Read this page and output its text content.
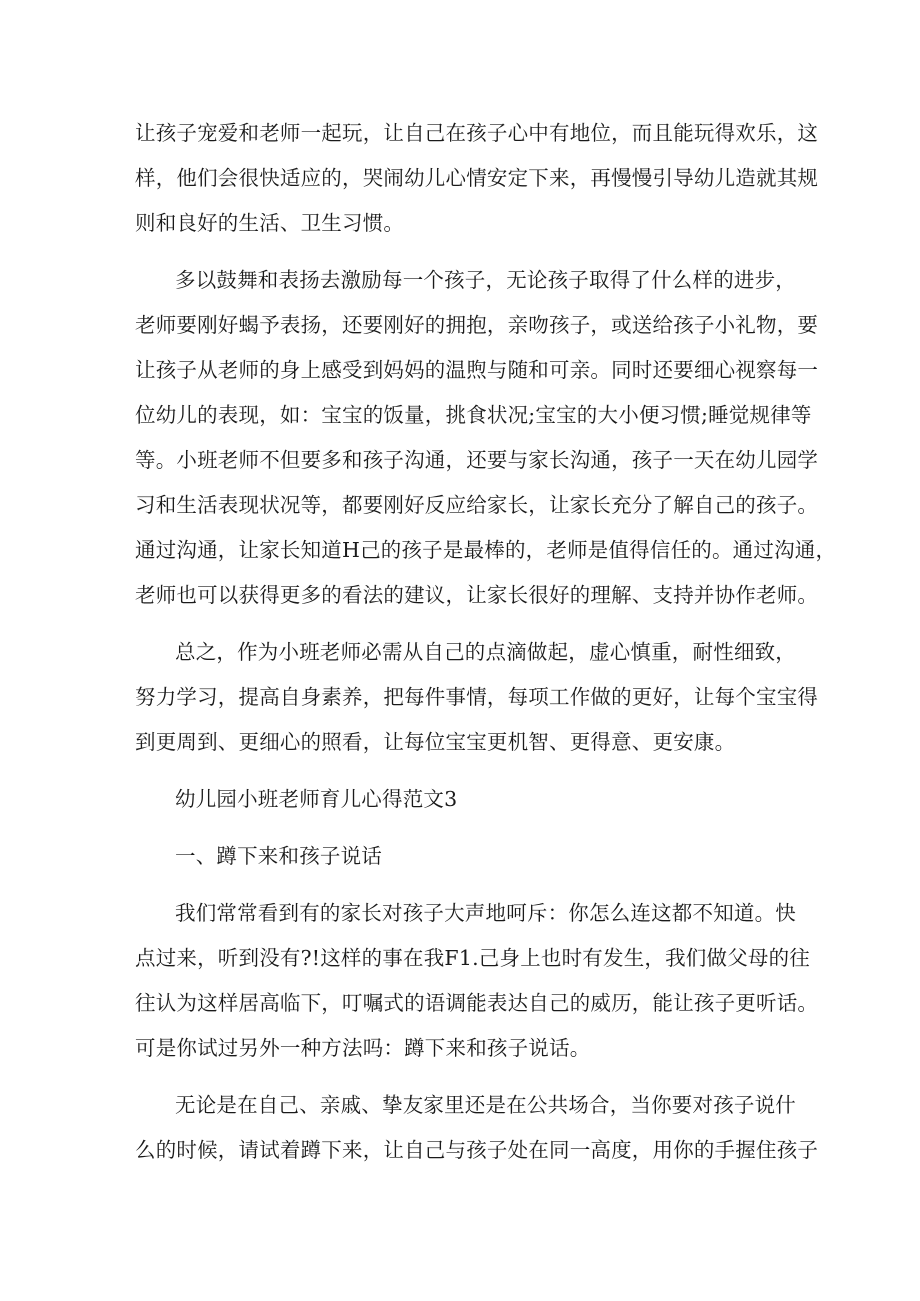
让孩子宠爱和老师一起玩，让自己在孩子心中有地位，而且能玩得欢乐，这
样，他们会很快适应的，哭闹幼儿心情安定下来，再慢慢引导幼儿造就其规
则和良好的生活、卫生习惯。
多以鼓舞和表扬去激励每一个孩子，无论孩子取得了什么样的进步，
老师要刚好蝎予表扬，还要刚好的拥抱，亲吻孩子，或送给孩子小礼物，要
让孩子从老师的身上感受到妈妈的温煦与随和可亲。同时还要细心视察每一
位幼儿的表现，如：宝宝的饭量，挑食状况;宝宝的大小便习惯;睡觉规律等
等。小班老师不但要多和孩子沟通，还要与家长沟通，孩子一天在幼儿园学
习和生活表现状况等，都要刚好反应给家长，让家长充分了解自己的孩子。
通过沟通，让家长知道H己的孩子是最棒的，老师是值得信任的。通过沟通，
老师也可以获得更多的看法的建议，让家长很好的理解、支持并协作老师。
总之，作为小班老师必需从自己的点滴做起，虚心慎重，耐性细致，
努力学习，提高自身素养，把每件事情，每项工作做的更好，让每个宝宝得
到更周到、更细心的照看，让每位宝宝更机智、更得意、更安康。
幼儿园小班老师育儿心得范文3
一、蹲下来和孩子说话
我们常常看到有的家长对孩子大声地呵斥：你怎么连这都不知道。快
点过来，听到没有?!这样的事在我F1.己身上也时有发生，我们做父母的往
往认为这样居高临下，叮嘱式的语调能表达自己的威历，能让孩子更听话。
可是你试过另外一种方法吗：蹲下来和孩子说话。
无论是在自己、亲戚、挚友家里还是在公共场合，当你要对孩子说什
么的时候，请试着蹲下来，让自己与孩子处在同一高度，用你的手握住孩子
